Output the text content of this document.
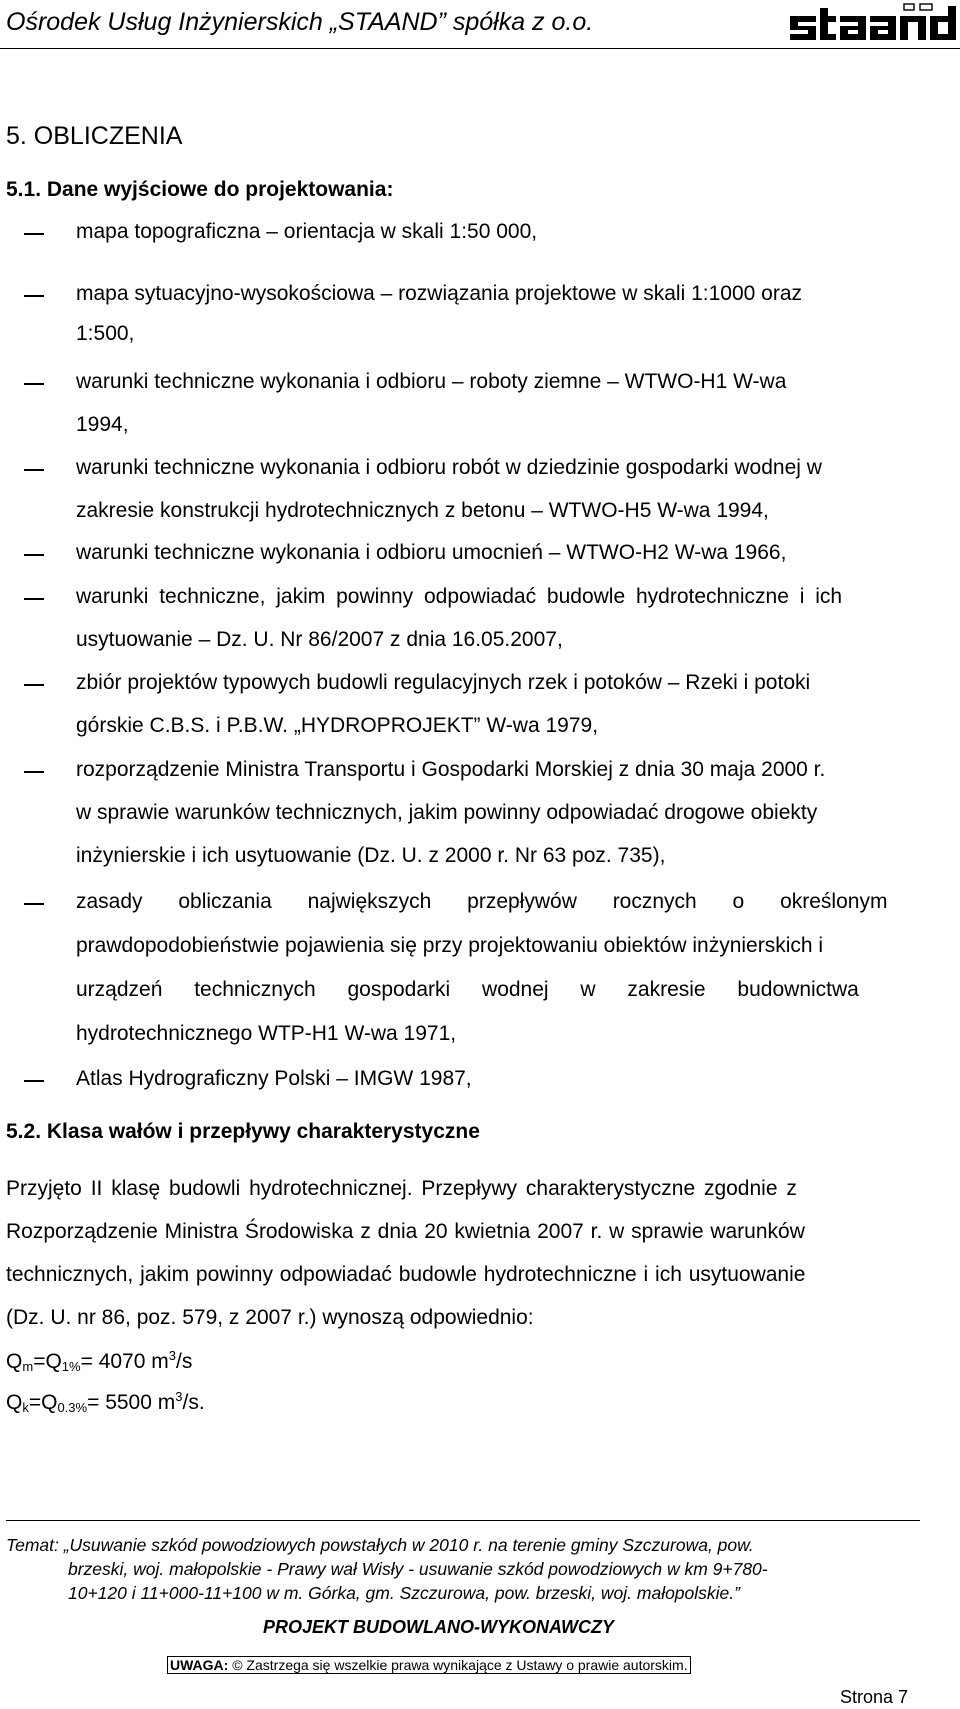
Ośrodek Usług Inżynierskich „STAAND” spółka z o.o.
5. OBLICZENIA
5.1. Dane wyjściowe do projektowania:
mapa topograficzna – orientacja w skali 1:50 000,
mapa sytuacyjno-wysokościowa – rozwiązania projektowe w skali 1:1000 oraz
1:500,
warunki techniczne wykonania i odbioru – roboty ziemne – WTWO-H1 W-wa
1994,
warunki techniczne wykonania i odbioru robót w dziedzinie gospodarki wodnej w
zakresie konstrukcji hydrotechnicznych z betonu – WTWO-H5 W-wa 1994,
warunki techniczne wykonania i odbioru umocnień – WTWO-H2 W-wa 1966,
warunki techniczne, jakim powinny odpowiadać budowle hydrotechniczne i ich
usytuowanie – Dz. U. Nr 86/2007 z dnia 16.05.2007,
zbiór projektów typowych budowli regulacyjnych rzek i potoków – Rzeki i potoki
górskie C.B.S. i P.B.W. „HYDROPROJEKT” W-wa 1979,
rozporządzenie Ministra Transportu i Gospodarki Morskiej z dnia 30 maja 2000 r.
w sprawie warunków technicznych, jakim powinny odpowiadać drogowe obiekty
inżynierskie i ich usytuowanie (Dz. U. z 2000 r. Nr 63 poz. 735),
zasady obliczania największych przepływów rocznych o określonym
prawdopodobieństwie pojawienia się przy projektowaniu obiektów inżynierskich i
urządzeń technicznych gospodarki wodnej w zakresie budownictwa
hydrotechnicznego WTP-H1 W-wa 1971,
Atlas Hydrograficzny Polski – IMGW 1987,
5.2. Klasa wałów i przepływy charakterystyczne
Przyjęto II klasę budowli hydrotechnicznej. Przepływy charakterystyczne zgodnie z
Rozporządzenie Ministra Środowiska z dnia 20 kwietnia 2007 r. w sprawie warunków
technicznych, jakim powinny odpowiadać budowle hydrotechniczne i ich usytuowanie
(Dz. U. nr 86, poz. 579, z 2007 r.) wynoszą odpowiednio:
$Q_m=Q_{1\%}= 4070$ $m^3/s$
$Q_k=Q_{0.3\%}= 5500$ $m^3/s$.
Temat: „Usuwanie szkód powodziowych powstałych w 2010 r. na terenie gminy Szczurowa, pow.
brzeski, woj. małopolskie - Prawy wał Wisły - usuwanie szkód powodziowych w km 9+780-
10+120 i 11+000-11+100 w m. Górka, gm. Szczurowa, pow. brzeski, woj. małopolskie.”
PROJEKT BUDOWLANO-WYKONAWCZY
UWAGA: © Zastrzega się wszelkie prawa wynikające z Ustawy o prawie autorskim.
Strona 7
